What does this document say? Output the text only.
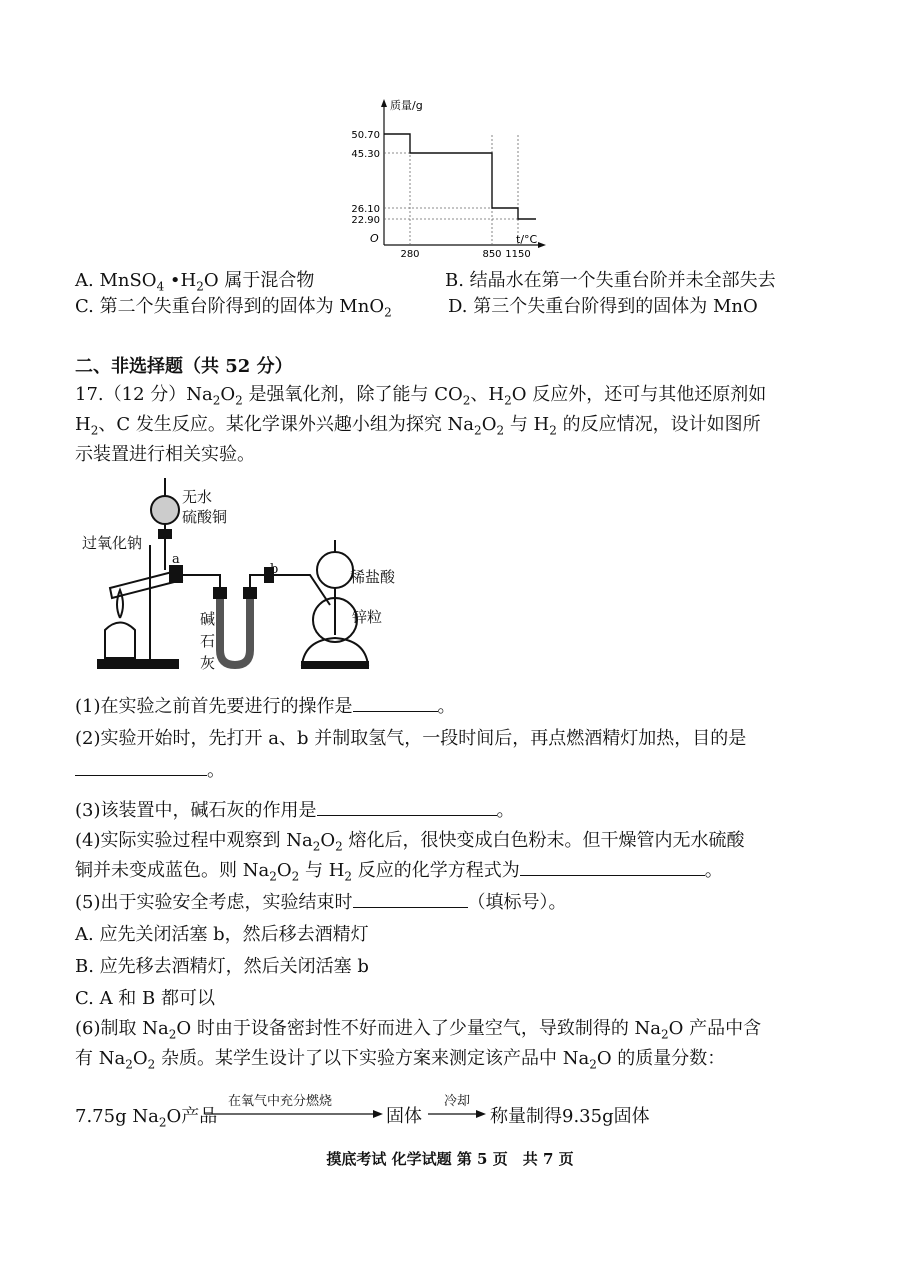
质量/g
t/°C
O
50.70
45.30
26.10
22.90
280	850 1150
A. MnSO$_4$ $•H_2O$ 属于混合物	B. 结晶水在第一个失重台阶并未全部失去
C. 第二个失重台阶得到的固体为 MnO$_2$	D. 第三个失重台阶得到的固体为 MnO
二、非选择题（共 52 分）
17.（12 分）$Na_2O_2$ 是强氧化剂，除了能与 $CO_2$、$H_2O$ 反应外，还可与其他还原剂如
$H_2$、C 发生反应。某化学课外兴趣小组为探究 $Na_2O_2$ 与 $H_2$ 的反应情况，设计如图所
示装置进行相关实验。
无水
硫酸铜
过氧化钠
a
b
碱
石
灰
稀盐酸
锌粒
(1)在实验之前首先要进行的操作是	。
(2)实验开始时，先打开 a、b 并制取氢气，一段时间后，再点燃酒精灯加热，目的是
。
(3)该装置中，碱石灰的作用是	。
(4)实际实验过程中观察到 $Na_2O_2$ 熔化后，很快变成白色粉末。但干燥管内无水硫酸
铜并未变成蓝色。则 $Na_2O_2$ 与 $H_2$ 反应的化学方程式为	。
(5)出于实验安全考虑，实验结束时	（填标号）。
A. 应先关闭活塞 b，然后移去酒精灯
B. 应先移去酒精灯，然后关闭活塞 b
C. A 和 B 都可以
(6)制取 $Na_2O$ 时由于设备密封性不好而进入了少量空气，导致制得的 $Na_2O$ 产品中含
有 $Na_2O_2$ 杂质。某学生设计了以下实验方案来测定该产品中 $Na_2O$ 的质量分数：
7.75g $Na_2O$产品
在氧气中充分燃烧
固体
冷却
称量制得9.35g固体
摸底考试 化学试题 第 5 页　共 7 页
